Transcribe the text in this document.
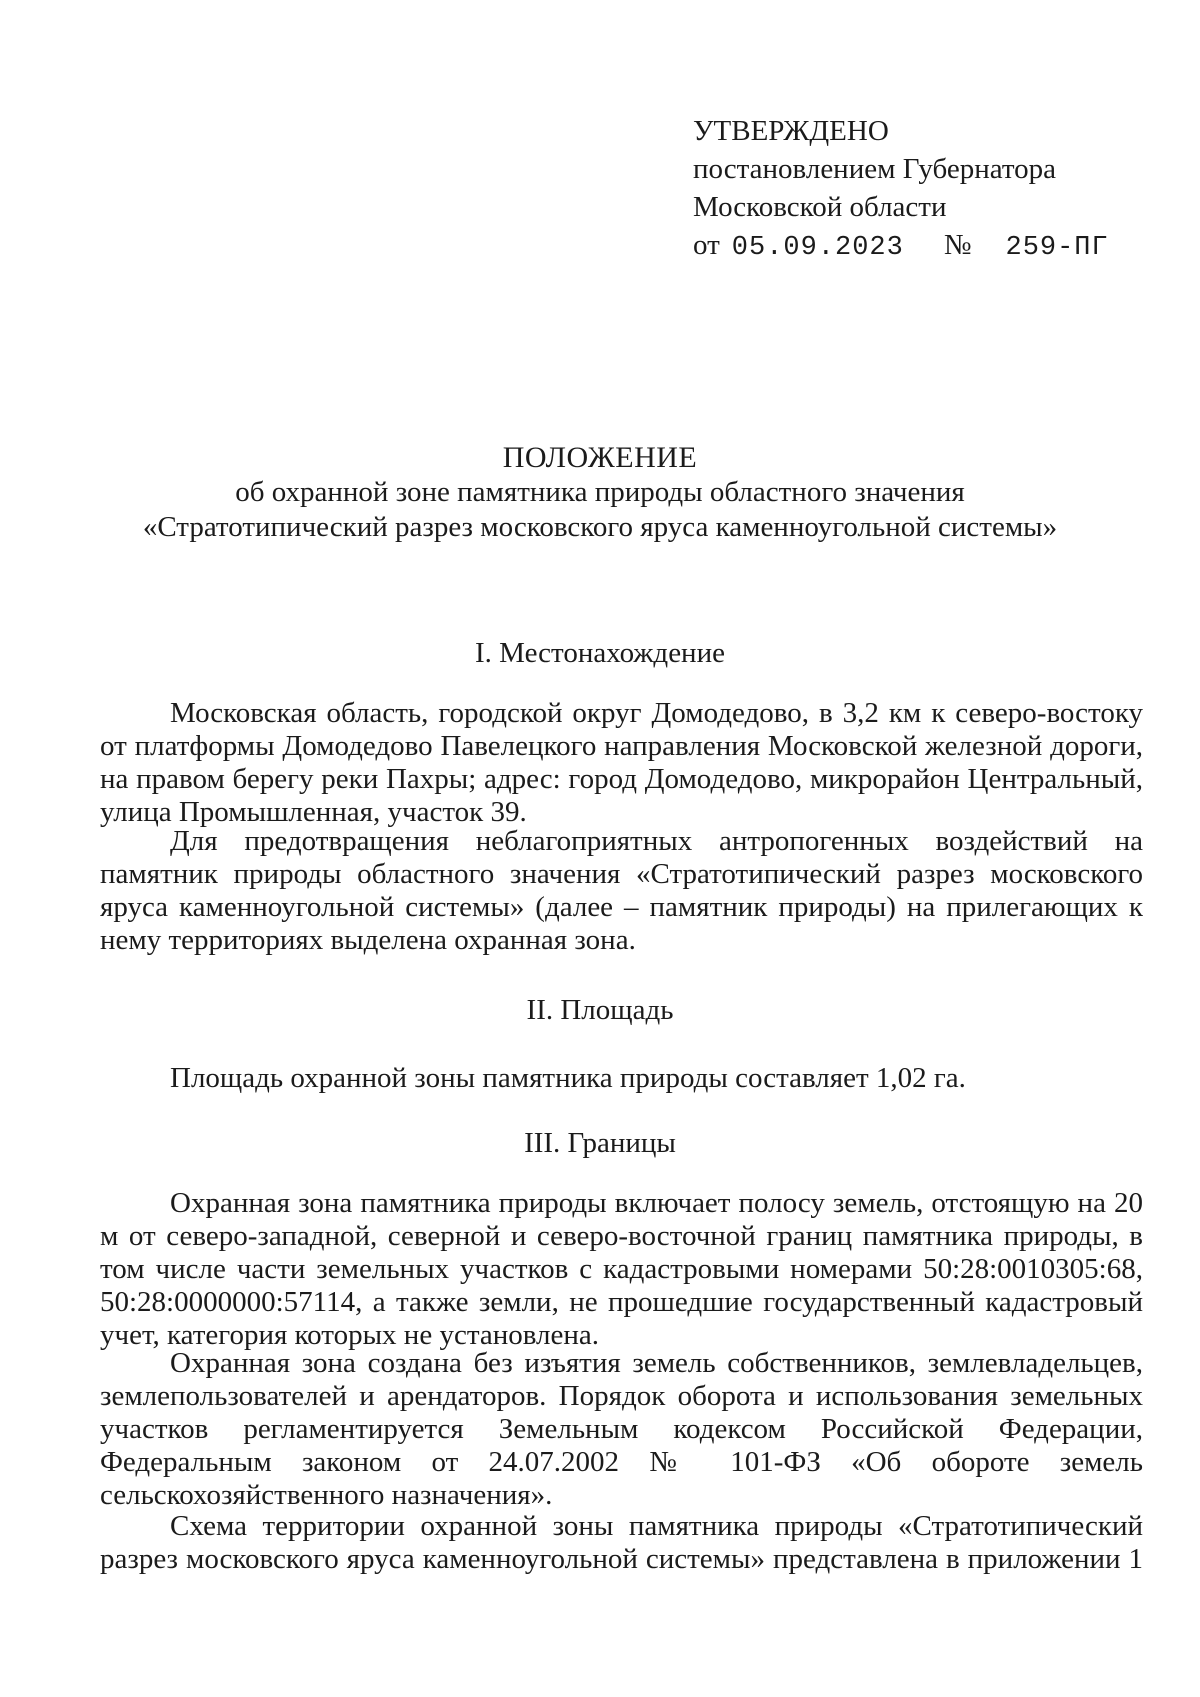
УТВЕРЖДЕНО
постановлением Губернатора
Московской области
от 05.09.2023 № 259-ПГ
ПОЛОЖЕНИЕ
об охранной зоне памятника природы областного значения
«Стратотипический разрез московского яруса каменноугольной системы»
I. Местонахождение
Московская область, городской округ Домодедово, в 3,2 км к северо-востоку от платформы Домодедово Павелецкого направления Московской железной дороги, на правом берегу реки Пахры; адрес: город Домодедово, микрорайон Центральный, улица Промышленная, участок 39.
Для предотвращения неблагоприятных антропогенных воздействий на памятник природы областного значения «Стратотипический разрез московского яруса каменноугольной системы» (далее – памятник природы) на прилегающих к нему территориях выделена охранная зона.
II. Площадь
Площадь охранной зоны памятника природы составляет 1,02 га.
III. Границы
Охранная зона памятника природы включает полосу земель, отстоящую на 20 м от северо-западной, северной и северо-восточной границ памятника природы, в том числе части земельных участков с кадастровыми номерами 50:28:0010305:68, 50:28:0000000:57114, а также земли, не прошедшие государственный кадастровый учет, категория которых не установлена.
Охранная зона создана без изъятия земель собственников, землевладельцев, землепользователей и арендаторов. Порядок оборота и использования земельных участков регламентируется Земельным кодексом Российской Федерации, Федеральным законом от 24.07.2002 № 101-ФЗ «Об обороте земель сельскохозяйственного назначения».
Схема территории охранной зоны памятника природы «Стратотипический разрез московского яруса каменноугольной системы» представлена в приложении 1
